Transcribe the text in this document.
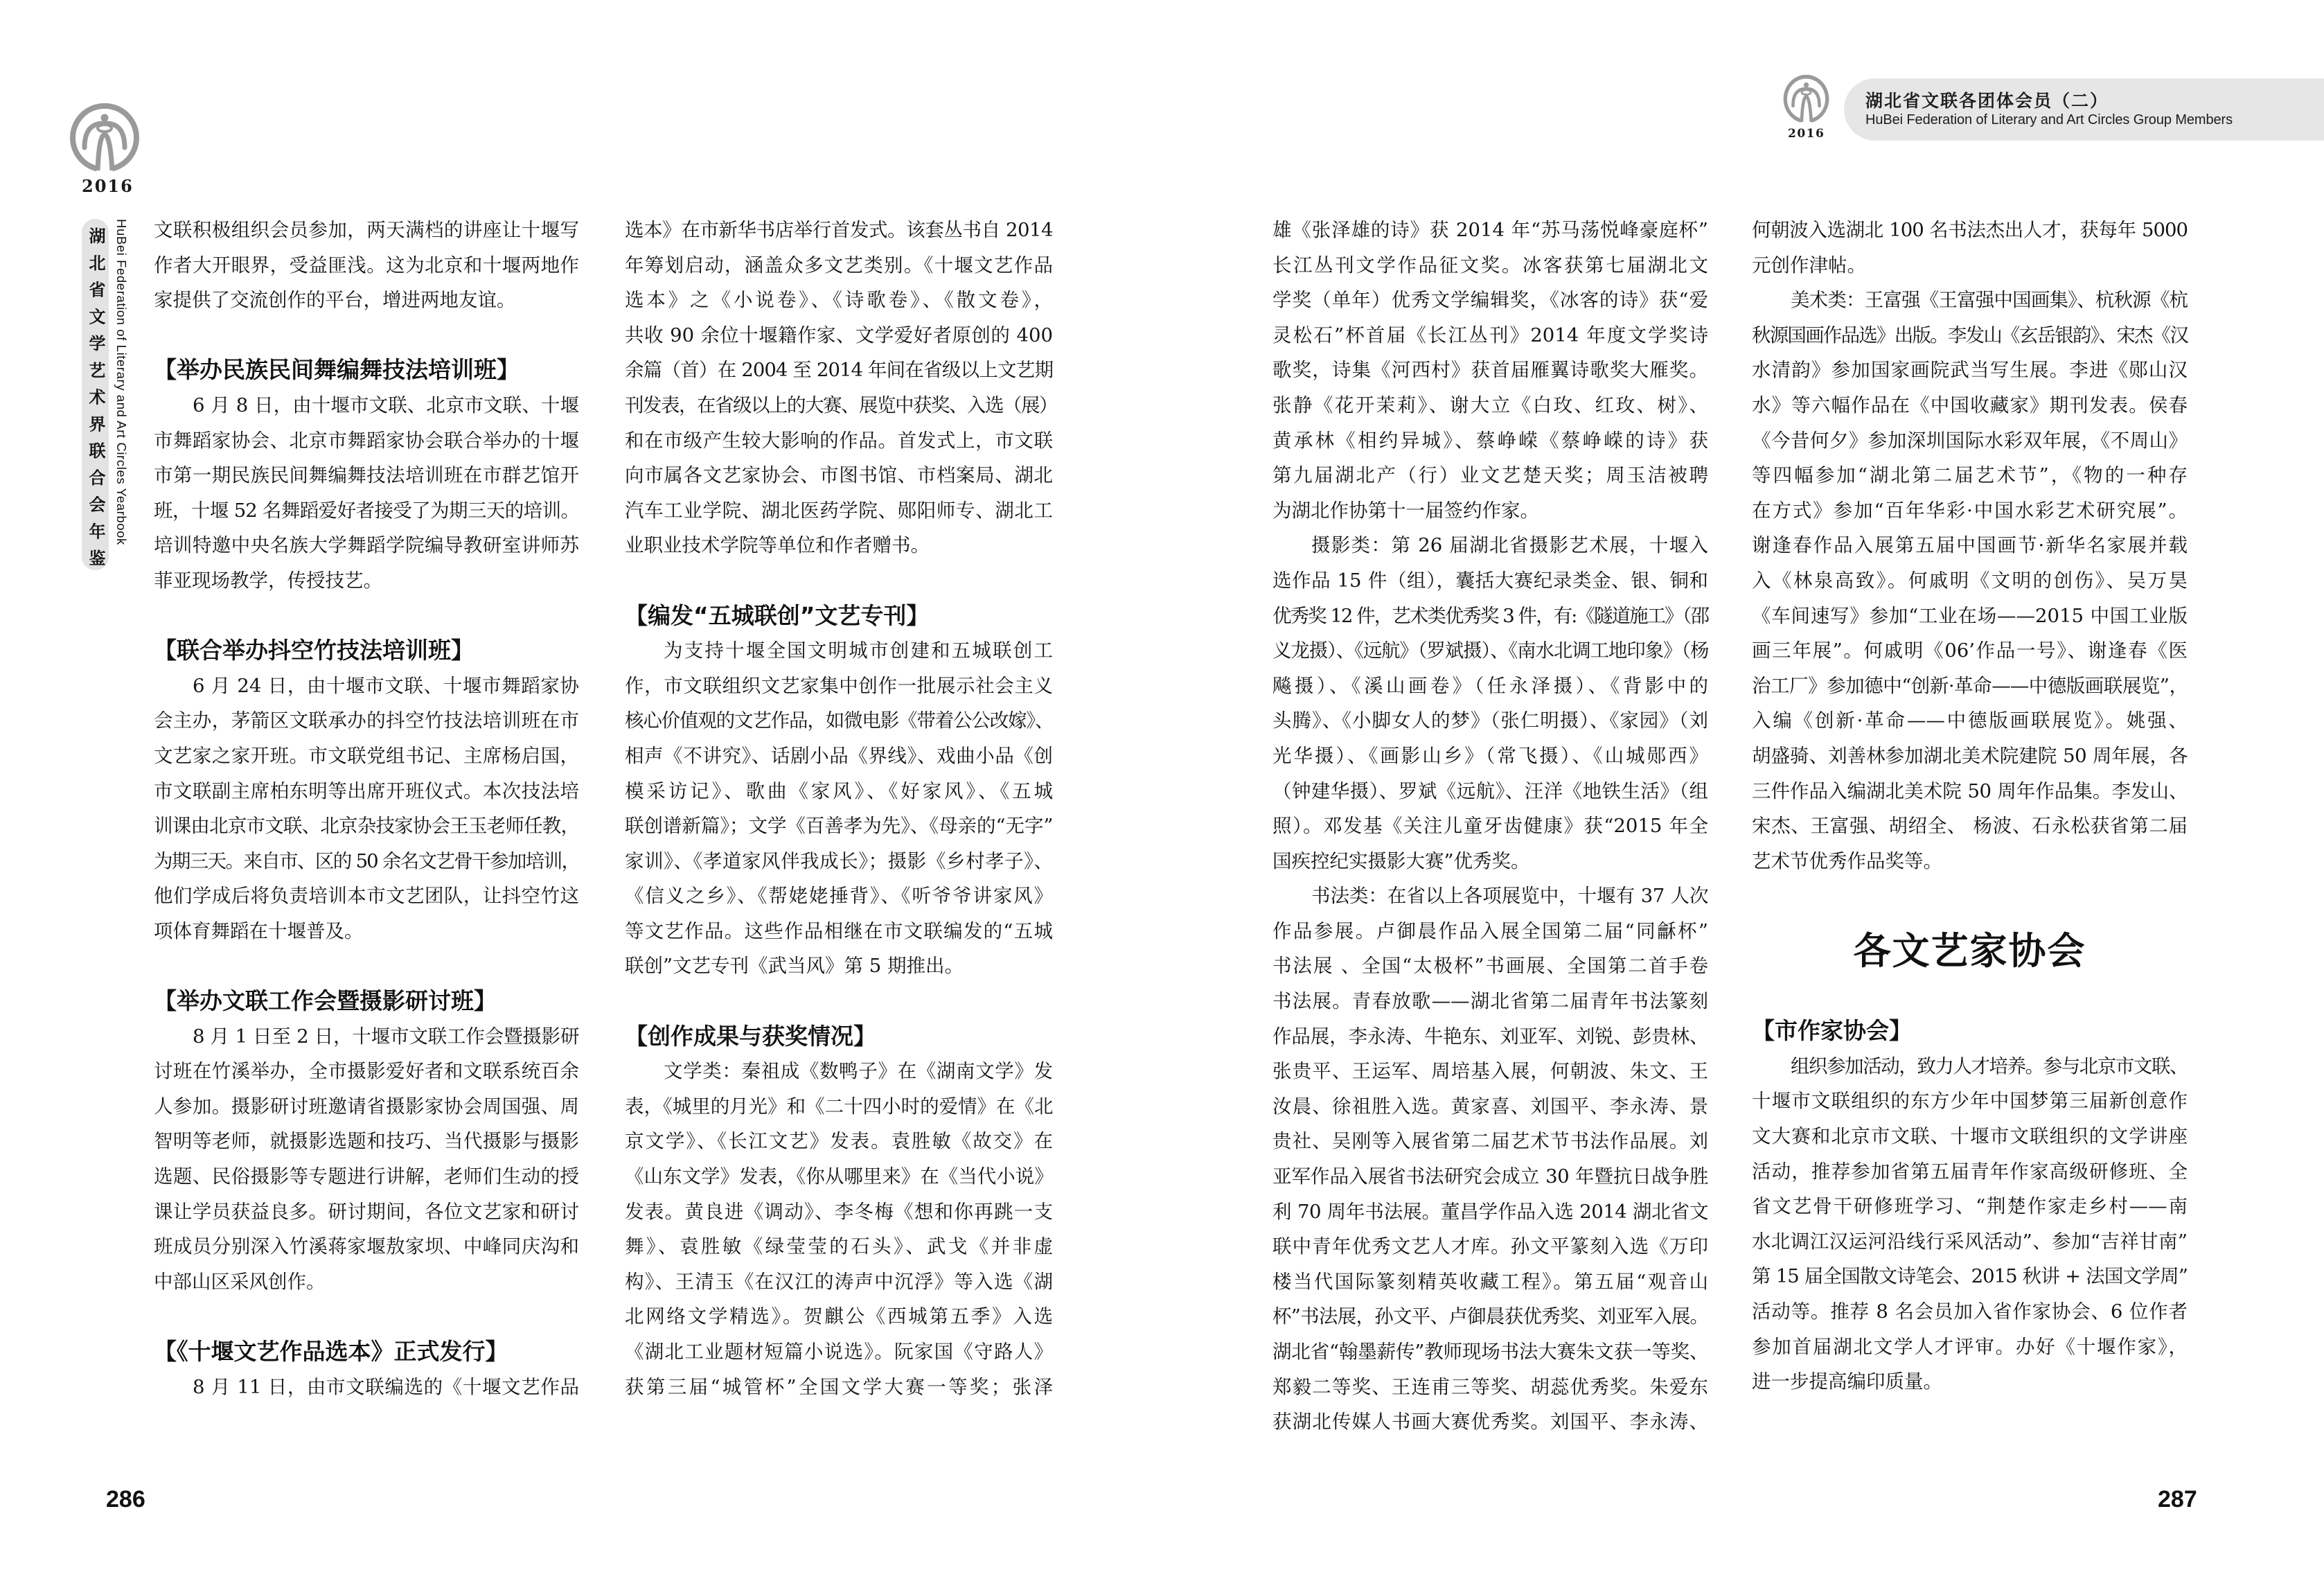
2016
湖北省文学艺术界联合会年鉴 HuBei Federation of Literary and Art Circles Yearbook 文联积极组织会员参加，两天满档的讲座让十堰写
作者大开眼界，受益匪浅。这为北京和十堰两地作
家提供了交流创作的平台，增进两地友谊。
【举办民族民间舞编舞技法培训班】
6 月 8 日，由十堰市文联、北京市文联、十堰
市舞蹈家协会、北京市舞蹈家协会联合举办的十堰
市第一期民族民间舞编舞技法培训班在市群艺馆开
班，十堰 52 名舞蹈爱好者接受了为期三天的培训。
培训特邀中央名族大学舞蹈学院编导教研室讲师苏
菲亚现场教学，传授技艺。
【联合举办抖空竹技法培训班】
6 月 24 日，由十堰市文联、十堰市舞蹈家协
会主办，茅箭区文联承办的抖空竹技法培训班在市
文艺家之家开班。市文联党组书记、主席杨启国，
市文联副主席柏东明等出席开班仪式。本次技法培
训课由北京市文联、北京杂技家协会王玉老师任教，
为期三天。来自市、区的 50 余名文艺骨干参加培训，
他们学成后将负责培训本市文艺团队，让抖空竹这
项体育舞蹈在十堰普及。
【举办文联工作会暨摄影研讨班】
8 月 1 日至 2 日，十堰市文联工作会暨摄影研
讨班在竹溪举办，全市摄影爱好者和文联系统百余
人参加。摄影研讨班邀请省摄影家协会周国强、周
智明等老师，就摄影选题和技巧、当代摄影与摄影
选题、民俗摄影等专题进行讲解，老师们生动的授
课让学员获益良多。研讨期间，各位文艺家和研讨
班成员分别深入竹溪蒋家堰敖家坝、中峰同庆沟和
中部山区采风创作。
【《十堰文艺作品选本》正式发行】
8 月 11 日，由市文联编选的《十堰文艺作品
选本》在市新华书店举行首发式。该套丛书自 2014
年筹划启动，涵盖众多文艺类别。《十堰文艺作品
选本》之《小说卷》、《诗歌卷》、《散文卷》，
共收 90 余位十堰籍作家、文学爱好者原创的 400
余篇（首）在 2004 至 2014 年间在省级以上文艺期
刊发表，在省级以上的大赛、展览中获奖、入选（展）
和在市级产生较大影响的作品。首发式上，市文联
向市属各文艺家协会、市图书馆、市档案局、湖北
汽车工业学院、湖北医药学院、郧阳师专、湖北工
业职业技术学院等单位和作者赠书。
【编发“五城联创”文艺专刊】
为支持十堰全国文明城市创建和五城联创工
作，市文联组织文艺家集中创作一批展示社会主义
核心价值观的文艺作品，如微电影《带着公公改嫁》、
相声《不讲究》、话剧小品《界线》、戏曲小品《创
模采访记》、歌曲《家风》、《好家风》、《五城
联创谱新篇》；文学《百善孝为先》、《母亲的“无字”
家训》、《孝道家风伴我成长》；摄影《乡村孝子》、
《信义之乡》、《帮姥姥捶背》、《听爷爷讲家风》
等文艺作品。这些作品相继在市文联编发的“五城
联创”文艺专刊《武当风》第 5 期推出。
【创作成果与获奖情况】
文学类：秦祖成《数鸭子》在《湖南文学》发
表，《城里的月光》和《二十四小时的爱情》在《北
京文学》、《长江文艺》发表。袁胜敏《故交》在
《山东文学》发表，《你从哪里来》在《当代小说》
发表。黄良进《调动》、李冬梅《想和你再跳一支
舞》、袁胜敏《绿莹莹的石头》、武戈《并非虚
构》、王清玉《在汉江的涛声中沉浮》等入选《湖
北网络文学精选》。贺麒公《西城第五季》入选
《湖北工业题材短篇小说选》。阮家国《守路人》
获第三届“城管杯”全国文学大赛一等奖；张泽
286
2016
湖北省文联各团体会员（二）
HuBei Federation of Literary and Art Circles Group Members
雄《张泽雄的诗》获 2014 年“苏马荡悦峰豪庭杯”
长江丛刊文学作品征文奖。冰客获第七届湖北文
学奖（单年）优秀文学编辑奖，《冰客的诗》获“爱
灵松石”杯首届《长江丛刊》2014 年度文学奖诗
歌奖，诗集《河西村》获首届雁翼诗歌奖大雁奖。
张静《花开茉莉》、谢大立《白玫、红玫、树》、
黄承林《相约异城》、蔡峥嵘《蔡峥嵘的诗》获
第九届湖北产（行）业文艺楚天奖；周玉洁被聘
为湖北作协第十一届签约作家。
摄影类：第 26 届湖北省摄影艺术展，十堰入
选作品 15 件（组），囊括大赛纪录类金、银、铜和
优秀奖 12 件，艺术类优秀奖 3 件，有:《隧道施工》（邵
义龙摄）、《远航》（罗斌摄）、《南水北调工地印象》（杨
飚摄）、《溪山画卷》（任永泽摄）、《背影中的
头腾》、《小脚女人的梦》（张仁明摄）、《家园》（刘
光华摄）、《画影山乡》（常飞摄）、《山城郧西》
（钟建华摄）、罗斌《远航》、汪洋《地铁生活》（组
照）。邓发基《关注儿童牙齿健康》获“2015 年全
国疾控纪实摄影大赛”优秀奖。
书法类：在省以上各项展览中，十堰有 37 人次
作品参展。卢御晨作品入展全国第二届“同龢杯”
书法展 、全国“太极杯”书画展、全国第二首手卷
书法展。青春放歌——湖北省第二届青年书法篆刻
作品展，李永涛、牛艳东、刘亚军、刘锐、彭贵林、
张贵平、王运军、周培基入展，何朝波、朱文、王
汝晨、徐祖胜入选。黄家喜、刘国平、李永涛、景
贵社、吴刚等入展省第二届艺术节书法作品展。刘
亚军作品入展省书法研究会成立 30 年暨抗日战争胜
利 70 周年书法展。董昌学作品入选 2014 湖北省文
联中青年优秀文艺人才库。孙文平篆刻入选《万印
楼当代国际篆刻精英收藏工程》。第五届“观音山
杯”书法展，孙文平、卢御晨获优秀奖、刘亚军入展。
湖北省“翰墨薪传”教师现场书法大赛朱文获一等奖、
郑毅二等奖、王连甫三等奖、胡蕊优秀奖。朱爱东
获湖北传媒人书画大赛优秀奖。刘国平、李永涛、
何朝波入选湖北 100 名书法杰出人才，获每年 5000
元创作津帖。
美术类：王富强《王富强中国画集》、杭秋源《杭
秋源国画作品选》出版。李发山《玄岳银韵》、宋杰《汉
水清韵》参加国家画院武当写生展。李进《郧山汉
水》等六幅作品在《中国收藏家》期刊发表。侯春
《今昔何夕》参加深圳国际水彩双年展，《不周山》
等四幅参加“湖北第二届艺术节”，《物的一种存
在方式》参加“百年华彩·中国水彩艺术研究展”。
谢逢春作品入展第五届中国画节·新华名家展并载
入《林泉高致》。何戚明《文明的创伤》、吴万昊
《车间速写》参加“工业在场——2015 中国工业版
画三年展”。何戚明《06’作品一号》、谢逢春《医
治工厂》参加德中“创新·革命——中德版画联展览”，
入编《创新·革命——中德版画联展览》。姚强、
胡盛骑、刘善林参加湖北美术院建院 50 周年展，各
三件作品入编湖北美术院 50 周年作品集。李发山、
宋杰、王富强、胡绍全、 杨波、石永松获省第二届
艺术节优秀作品奖等。
各文艺家协会
【市作家协会】
组织参加活动，致力人才培养。参与北京市文联、
十堰市文联组织的东方少年中国梦第三届新创意作
文大赛和北京市文联、十堰市文联组织的文学讲座
活动，推荐参加省第五届青年作家高级研修班、全
省文艺骨干研修班学习、“荆楚作家走乡村——南
水北调江汉运河沿线行采风活动”、参加“吉祥甘南”
第 15 届全国散文诗笔会、2015 秋讲 + 法国文学周”
活动等。推荐 8 名会员加入省作家协会、6 位作者
参加首届湖北文学人才评审。办好《十堰作家》，
进一步提高编印质量。
287
